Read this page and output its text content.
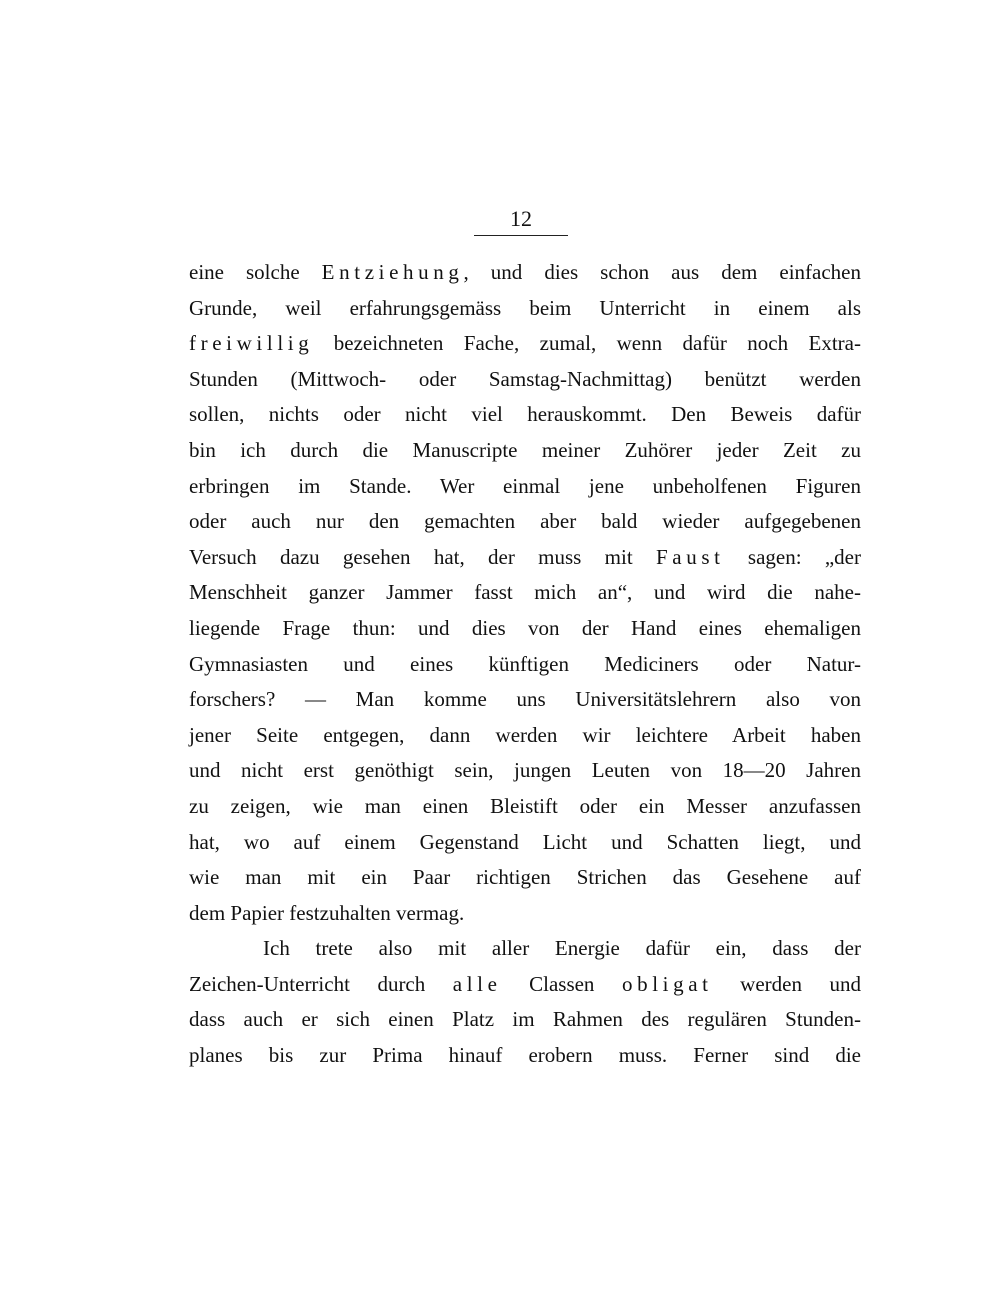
12
eine solche Entziehung, und dies schon aus dem einfachen
Grunde, weil erfahrungsgemäss beim Unterricht in einem als
freiwillig bezeichneten Fache, zumal, wenn dafür noch Extra-
Stunden (Mittwoch- oder Samstag-Nachmittag) benützt werden
sollen, nichts oder nicht viel herauskommt. Den Beweis dafür
bin ich durch die Manuscripte meiner Zuhörer jeder Zeit zu
erbringen im Stande. Wer einmal jene unbeholfenen Figuren
oder auch nur den gemachten aber bald wieder aufgegebenen
Versuch dazu gesehen hat, der muss mit Faust sagen: „der
Menschheit ganzer Jammer fasst mich an“, und wird die nahe-
liegende Frage thun: und dies von der Hand eines ehemaligen
Gymnasiasten und eines künftigen Mediciners oder Natur-
forschers? — Man komme uns Universitätslehrern also von
jener Seite entgegen, dann werden wir leichtere Arbeit haben
und nicht erst genöthigt sein, jungen Leuten von 18—20 Jahren
zu zeigen, wie man einen Bleistift oder ein Messer anzufassen
hat, wo auf einem Gegenstand Licht und Schatten liegt, und
wie man mit ein Paar richtigen Strichen das Gesehene auf
dem Papier festzuhalten vermag.
Ich trete also mit aller Energie dafür ein, dass der
Zeichen-Unterricht durch alle Classen obligat werden und
dass auch er sich einen Platz im Rahmen des regulären Stunden-
planes bis zur Prima hinauf erobern muss. Ferner sind die
